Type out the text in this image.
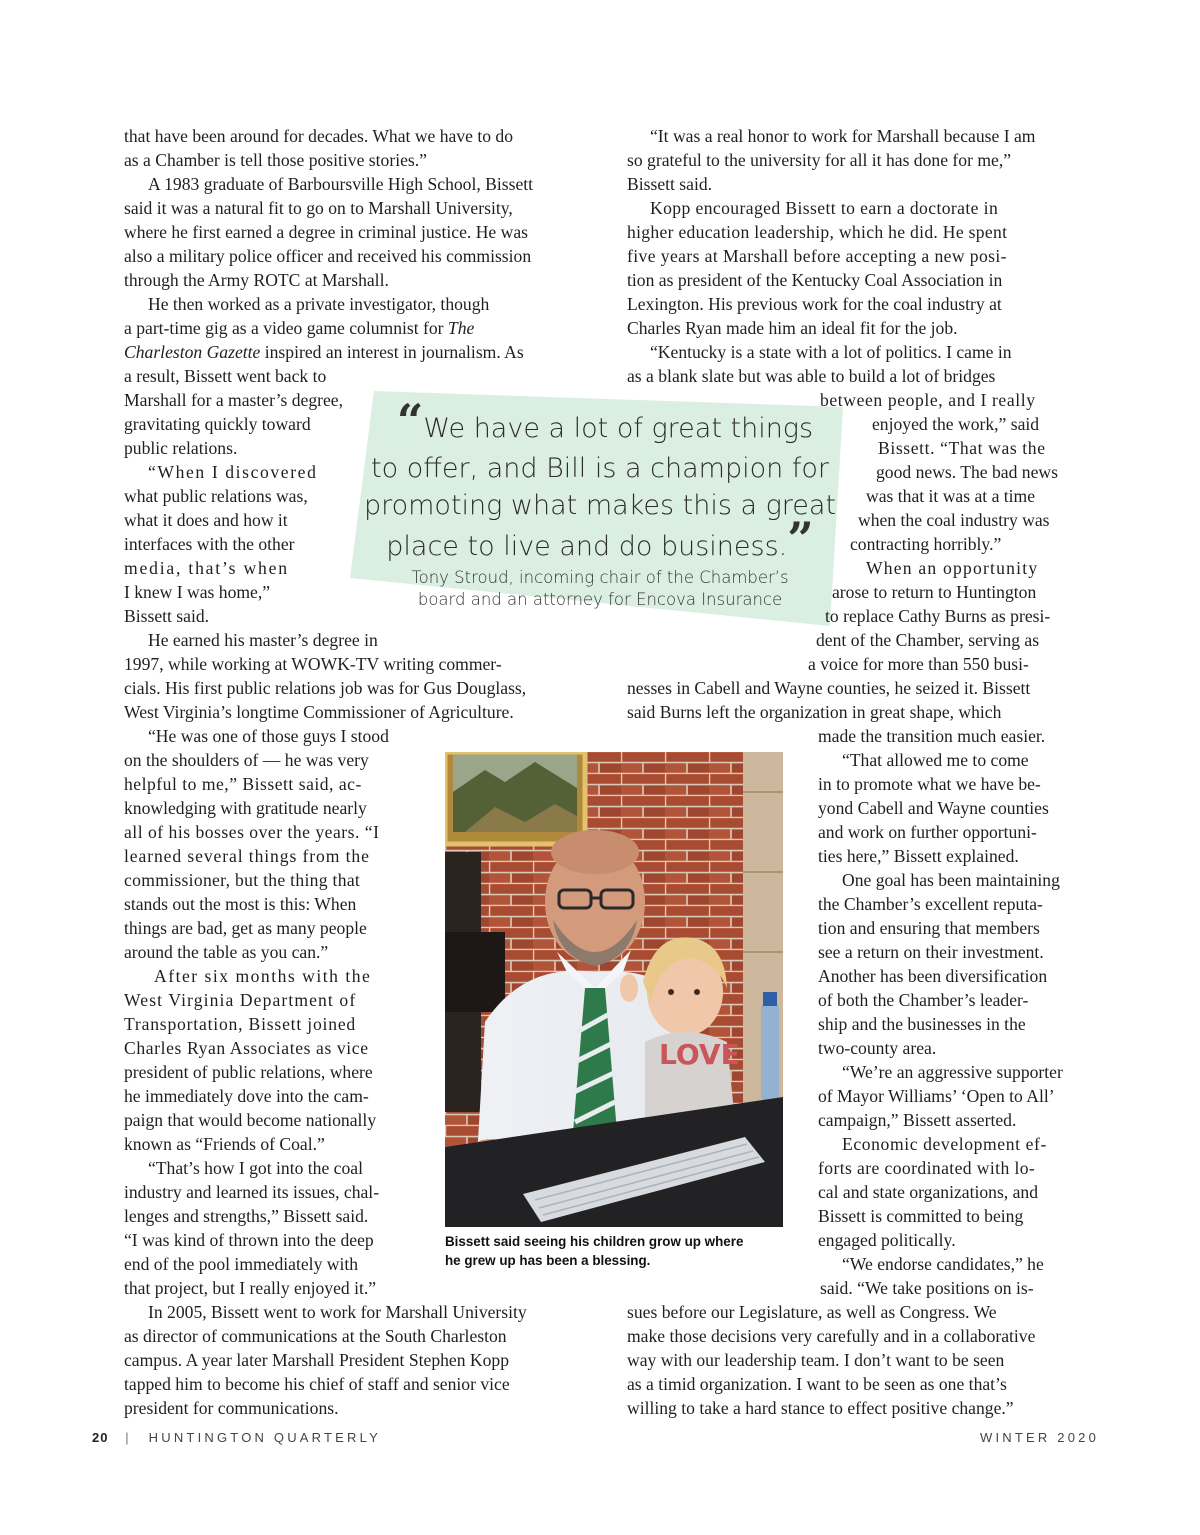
that have been around for decades. What we have to do
as a Chamber is tell those positive stories.”
A 1983 graduate of Barboursville High School, Bissett
said it was a natural fit to go on to Marshall University,
where he first earned a degree in criminal justice. He was
also a military police officer and received his commission
through the Army ROTC at Marshall.
He then worked as a private investigator, though
a part-time gig as a video game columnist for The
Charleston Gazette inspired an interest in journalism. As
a result, Bissett went back to
Marshall for a master’s degree,
gravitating quickly toward
public relations.
“When I discovered
what public relations was,
what it does and how it
interfaces with the other
media, that’s when
I knew I was home,”
Bissett said.
He earned his master’s degree in
1997, while working at WOWK-TV writing commer-
cials. His first public relations job was for Gus Douglass,
West Virginia’s longtime Commissioner of Agriculture.
“He was one of those guys I stood
on the shoulders of — he was very
helpful to me,” Bissett said, ac-
knowledging with gratitude nearly
all of his bosses over the years. “I
learned several things from the
commissioner, but the thing that
stands out the most is this: When
things are bad, get as many people
around the table as you can.”
After six months with the
West Virginia Department of
Transportation, Bissett joined
Charles Ryan Associates as vice
president of public relations, where
he immediately dove into the cam-
paign that would become nationally
known as “Friends of Coal.”
“That’s how I got into the coal
industry and learned its issues, chal-
lenges and strengths,” Bissett said.
“I was kind of thrown into the deep
end of the pool immediately with
that project, but I really enjoyed it.”
In 2005, Bissett went to work for Marshall University
as director of communications at the South Charleston
campus. A year later Marshall President Stephen Kopp
tapped him to become his chief of staff and senior vice
president for communications.
“It was a real honor to work for Marshall because I am
so grateful to the university for all it has done for me,”
Bissett said.
Kopp encouraged Bissett to earn a doctorate in
higher education leadership, which he did. He spent
five years at Marshall before accepting a new posi-
tion as president of the Kentucky Coal Association in
Lexington. His previous work for the coal industry at
Charles Ryan made him an ideal fit for the job.
“Kentucky is a state with a lot of politics. I came in
as a blank slate but was able to build a lot of bridges
between people, and I really
enjoyed the work,” said
Bissett. “That was the
good news. The bad news
was that it was at a time
when the coal industry was
contracting horribly.”
When an opportunity
arose to return to Huntington
to replace Cathy Burns as presi-
dent of the Chamber, serving as
a voice for more than 550 busi-
nesses in Cabell and Wayne counties, he seized it. Bissett
said Burns left the organization in great shape, which
made the transition much easier.
“That allowed me to come
in to promote what we have be-
yond Cabell and Wayne counties
and work on further opportuni-
ties here,” Bissett explained.
One goal has been maintaining
the Chamber’s excellent reputa-
tion and ensuring that members
see a return on their investment.
Another has been diversification
of both the Chamber’s leader-
ship and the businesses in the
two-county area.
“We’re an aggressive supporter
of Mayor Williams’ ‘Open to All’
campaign,” Bissett asserted.
Economic development ef-
forts are coordinated with lo-
cal and state organizations, and
Bissett is committed to being
engaged politically.
“We endorse candidates,” he
said. “We take positions on is-
sues before our Legislature, as well as Congress. We
make those decisions very carefully and in a collaborative
way with our leadership team. I don’t want to be seen
as a timid organization. I want to be seen as one that’s
willing to take a hard stance to effect positive change.”
“We have a lot of great things
to offer, and Bill is a champion for
promoting what makes this a great
place to live and do business.”
Tony Stroud, incoming chair of the Chamber’s
board and an attorney for Encova Insurance
LOVE
Bissett said seeing his children grow up where
he grew up has been a blessing.
20 | HUNTINGTON QUARTERLY	WINTER 2020
